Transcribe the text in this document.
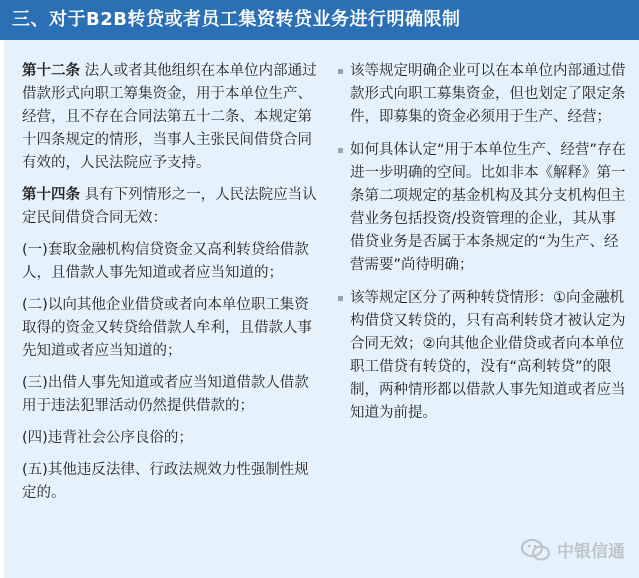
三、对于B2B转贷或者员工集资转贷业务进行明确限制

第十二条 法人或者其他组织在本单位内部通过借款形式向职工筹集资金，用于本单位生产、经营，且不存在合同法第五十二条、本规定第十四条规定的情形，当事人主张民间借贷合同有效的，人民法院应予支持。

第十四条 具有下列情形之一，人民法院应当认定民间借贷合同无效：

(一)套取金融机构信贷资金又高利转贷给借款人，且借款人事先知道或者应当知道的；

(二)以向其他企业借贷或者向本单位职工集资取得的资金又转贷给借款人牟利，且借款人事先知道或者应当知道的；

(三)出借人事先知道或者应当知道借款人借款用于违法犯罪活动仍然提供借款的；

(四)违背社会公序良俗的；

(五)其他违反法律、行政法规效力性强制性规定的。

该等规定明确企业可以在本单位内部通过借款形式向职工募集资金，但也划定了限定条件，即募集的资金必须用于生产、经营；
如何具体认定“用于本单位生产、经营”存在进一步明确的空间。比如非本《解释》第一条第二项规定的基金机构及其分支机构但主营业务包括投资/投资管理的企业，其从事借贷业务是否属于本条规定的“为生产、经营需要”尚待明确；
该等规定区分了两种转贷情形：①向金融机构借贷又转贷的，只有高利转贷才被认定为合同无效；②向其他企业借贷或者向本单位职工借贷有转贷的，没有“高利转贷”的限制，两种情形都以借款人事先知道或者应当知道为前提。
中银信通
